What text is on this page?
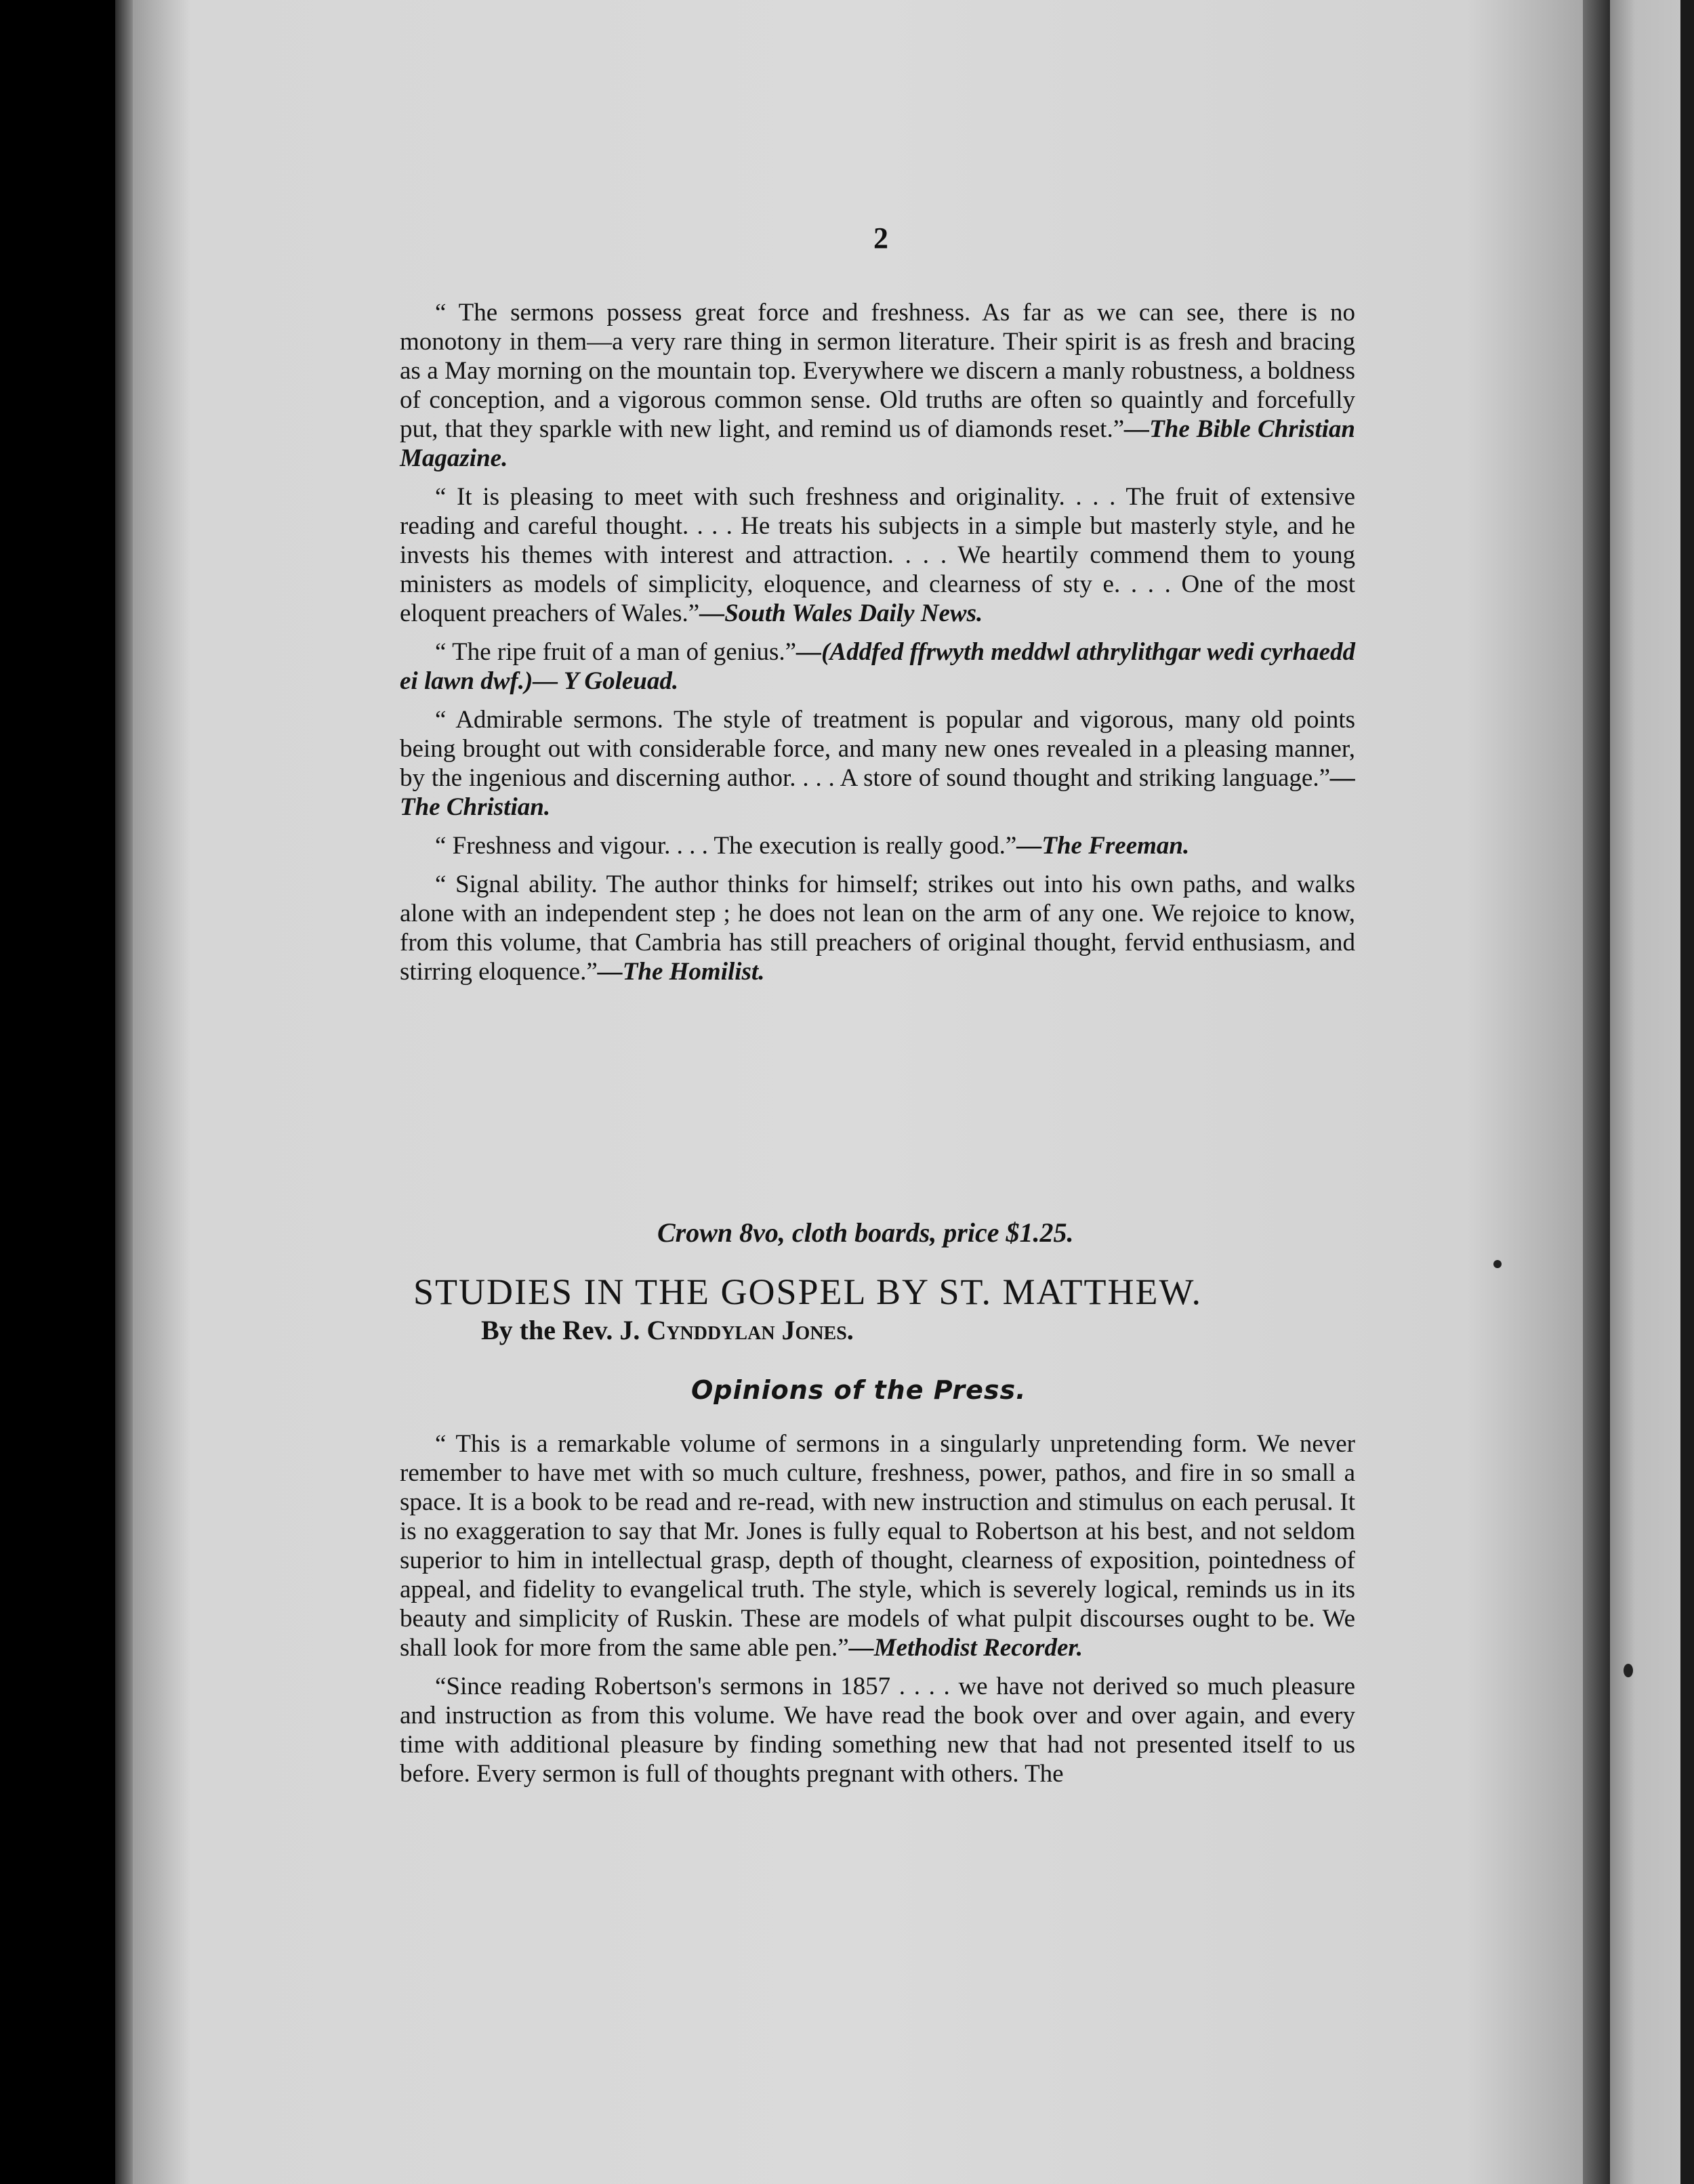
2

“ The sermons possess great force and freshness. As far as we can see, there is no monotony in them—a very rare thing in sermon literature. Their spirit is as fresh and bracing as a May morning on the mountain top. Everywhere we discern a manly robustness, a boldness of conception, and a vigorous common sense. Old truths are often so quaintly and forcefully put, that they sparkle with new light, and remind us of diamonds reset.”—The Bible Christian Magazine.

“ It is pleasing to meet with such freshness and originality. . . . The fruit of extensive reading and careful thought. . . . He treats his subjects in a simple but masterly style, and he invests his themes with interest and attraction. . . . We heartily commend them to young ministers as models of simplicity, eloquence, and clearness of sty e. . . . One of the most eloquent preachers of Wales.”—South Wales Daily News.

“ The ripe fruit of a man of genius.”—(Addfed ffrwyth meddwl athrylithgar wedi cyrhaedd ei lawn dwf.)— Y Goleuad.

“ Admirable sermons. The style of treatment is popular and vigorous, many old points being brought out with considerable force, and many new ones revealed in a pleasing manner, by the ingenious and discerning author. . . . A store of sound thought and striking language.”—The Christian.

“ Freshness and vigour. . . . The execution is really good.”—The Freeman.

“ Signal ability. The author thinks for himself; strikes out into his own paths, and walks alone with an independent step ; he does not lean on the arm of any one. We rejoice to know, from this volume, that Cambria has still preachers of original thought, fervid enthusiasm, and stirring eloquence.”—The Homilist.

Crown 8vo, cloth boards, price $1.25.
STUDIES IN THE GOSPEL BY ST. MATTHEW.
By the Rev. J. Cynddylan Jones.
Opinions of the Press.

“ This is a remarkable volume of sermons in a singularly unpretending form. We never remember to have met with so much culture, freshness, power, pathos, and fire in so small a space. It is a book to be read and re-read, with new instruction and stimulus on each perusal. It is no exaggeration to say that Mr. Jones is fully equal to Robertson at his best, and not seldom superior to him in intellectual grasp, depth of thought, clearness of exposition, pointedness of appeal, and fidelity to evangelical truth. The style, which is severely logical, reminds us in its beauty and simplicity of Ruskin. These are models of what pulpit discourses ought to be. We shall look for more from the same able pen.”—Methodist Recorder.

“Since reading Robertson's sermons in 1857 . . . . we have not derived so much pleasure and instruction as from this volume. We have read the book over and over again, and every time with additional pleasure by finding something new that had not presented itself to us before. Every sermon is full of thoughts pregnant with others. The
